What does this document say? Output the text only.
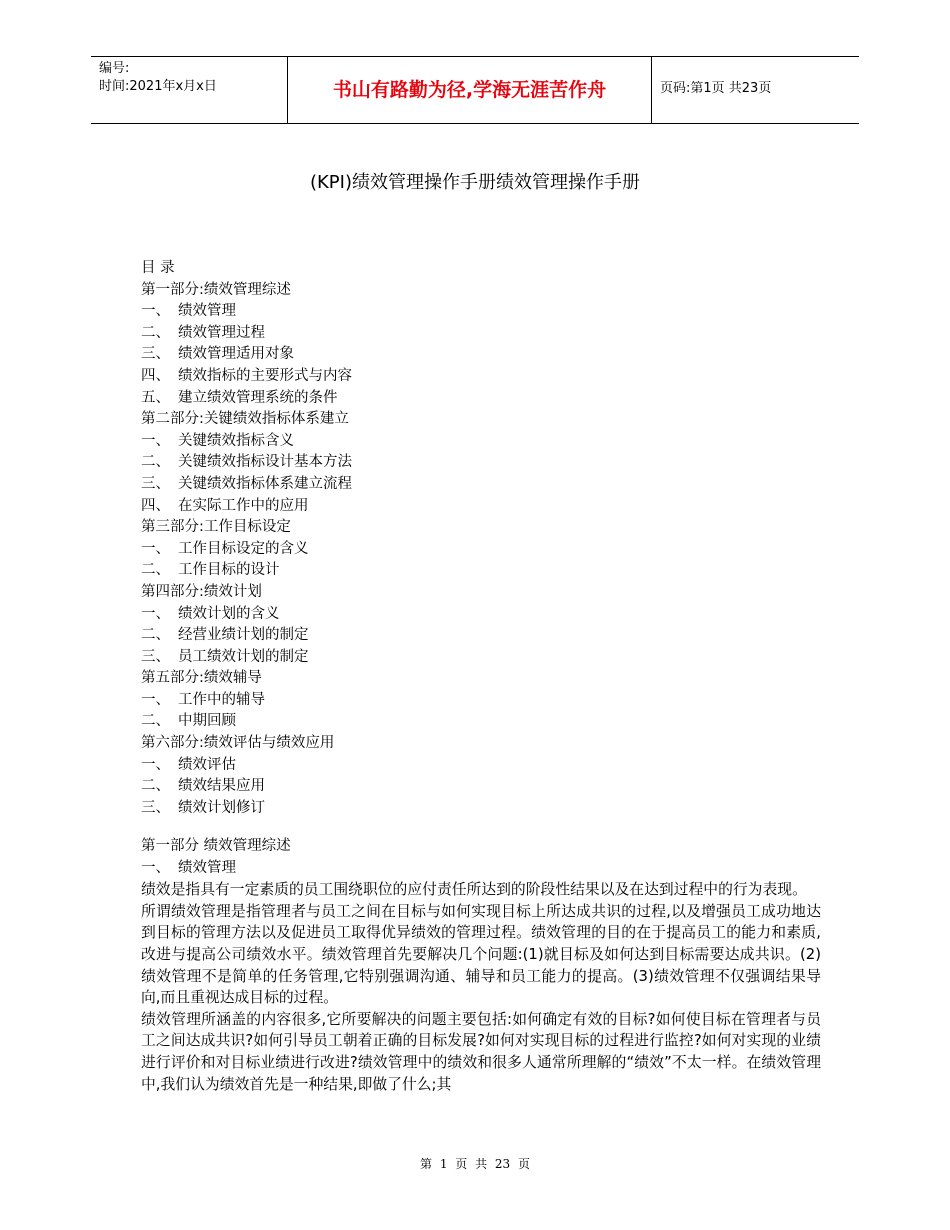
编号:
时间:2021年x月x日	书山有路勤为径,学海无涯苦作舟	页码:第1页 共23页
(KPI)绩效管理操作手册绩效管理操作手册
目 录
第一部分:绩效管理综述
一、 绩效管理
二、 绩效管理过程
三、 绩效管理适用对象
四、 绩效指标的主要形式与内容
五、 建立绩效管理系统的条件
第二部分:关键绩效指标体系建立
一、 关键绩效指标含义
二、 关键绩效指标设计基本方法
三、 关键绩效指标体系建立流程
四、 在实际工作中的应用
第三部分:工作目标设定
一、 工作目标设定的含义
二、 工作目标的设计
第四部分:绩效计划
一、 绩效计划的含义
二、 经营业绩计划的制定
三、 员工绩效计划的制定
第五部分:绩效辅导
一、 工作中的辅导
二、 中期回顾
第六部分:绩效评估与绩效应用
一、 绩效评估
二、 绩效结果应用
三、 绩效计划修订
第一部分 绩效管理综述
一、 绩效管理

绩效是指具有一定素质的员工围绕职位的应付责任所达到的阶段性结果以及在达到过程中的行为表现。

所谓绩效管理是指管理者与员工之间在目标与如何实现目标上所达成共识的过程,以及增强员工成功地达到目标的管理方法以及促进员工取得优异绩效的管理过程。绩效管理的目的在于提高员工的能力和素质,改进与提高公司绩效水平。绩效管理首先要解决几个问题:(1)就目标及如何达到目标需要达成共识。(2)绩效管理不是简单的任务管理,它特别强调沟通、辅导和员工能力的提高。(3)绩效管理不仅强调结果导向,而且重视达成目标的过程。

绩效管理所涵盖的内容很多,它所要解决的问题主要包括:如何确定有效的目标?如何使目标在管理者与员工之间达成共识?如何引导员工朝着正确的目标发展?如何对实现目标的过程进行监控?如何对实现的业绩进行评价和对目标业绩进行改进?绩效管理中的绩效和很多人通常所理解的“绩效”不太一样。在绩效管理中,我们认为绩效首先是一种结果,即做了什么;其

第 1 页 共 23 页
